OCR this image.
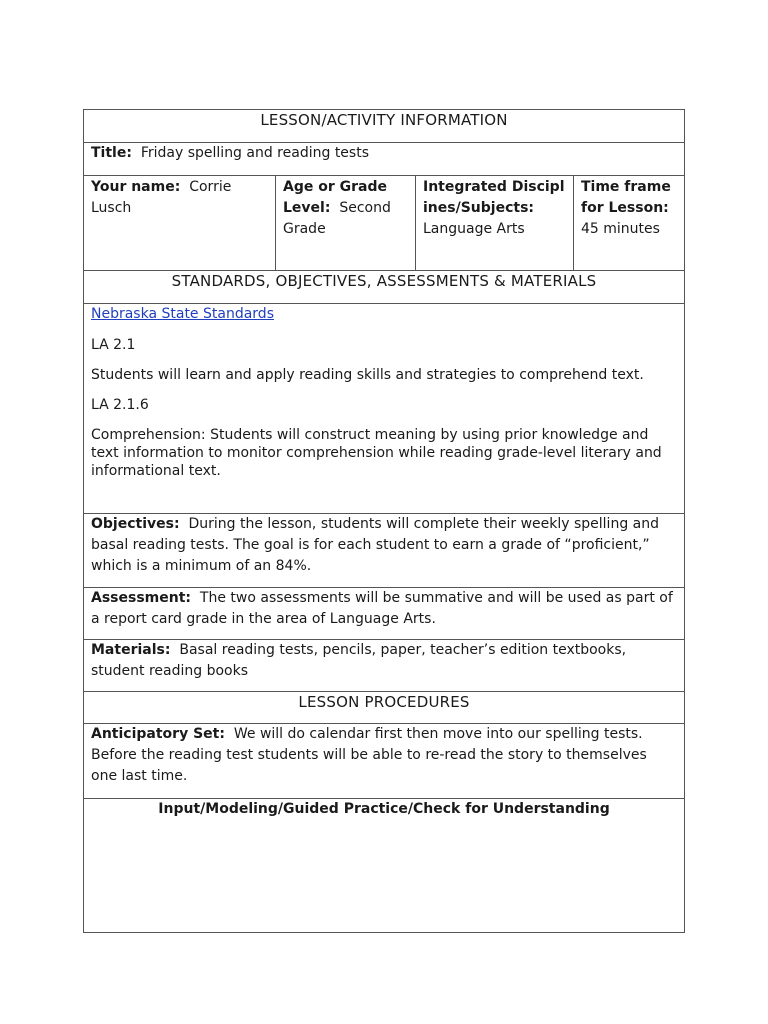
LESSON/ACTIVITY INFORMATION
Title: Friday spelling and reading tests
Your name: Corrie Lusch	Age or Grade Level: Second Grade	Integrated Disciplines/Subjects:  Language Arts	Time frame for Lesson:  45 minutes
STANDARDS, OBJECTIVES, ASSESSMENTS & MATERIALS

Nebraska State Standards

LA 2.1

Students will learn and apply reading skills and strategies to comprehend text.

LA 2.1.6

Comprehension: Students will construct meaning by using prior knowledge and text information to monitor comprehension while reading grade-level literary and informational text.

Objectives: During the lesson, students will complete their weekly spelling and basal reading tests. The goal is for each student to earn a grade of “proficient,” which is a minimum of an 84%.
Assessment: The two assessments will be summative and will be used as part of a report card grade in the area of Language Arts.
Materials: Basal reading tests, pencils, paper, teacher’s edition textbooks, student reading books
LESSON PROCEDURES
Anticipatory Set: We will do calendar first then move into our spelling tests. Before the reading test students will be able to re-read the story to themselves one last time.
Input/Modeling/Guided Practice/Check for Understanding
